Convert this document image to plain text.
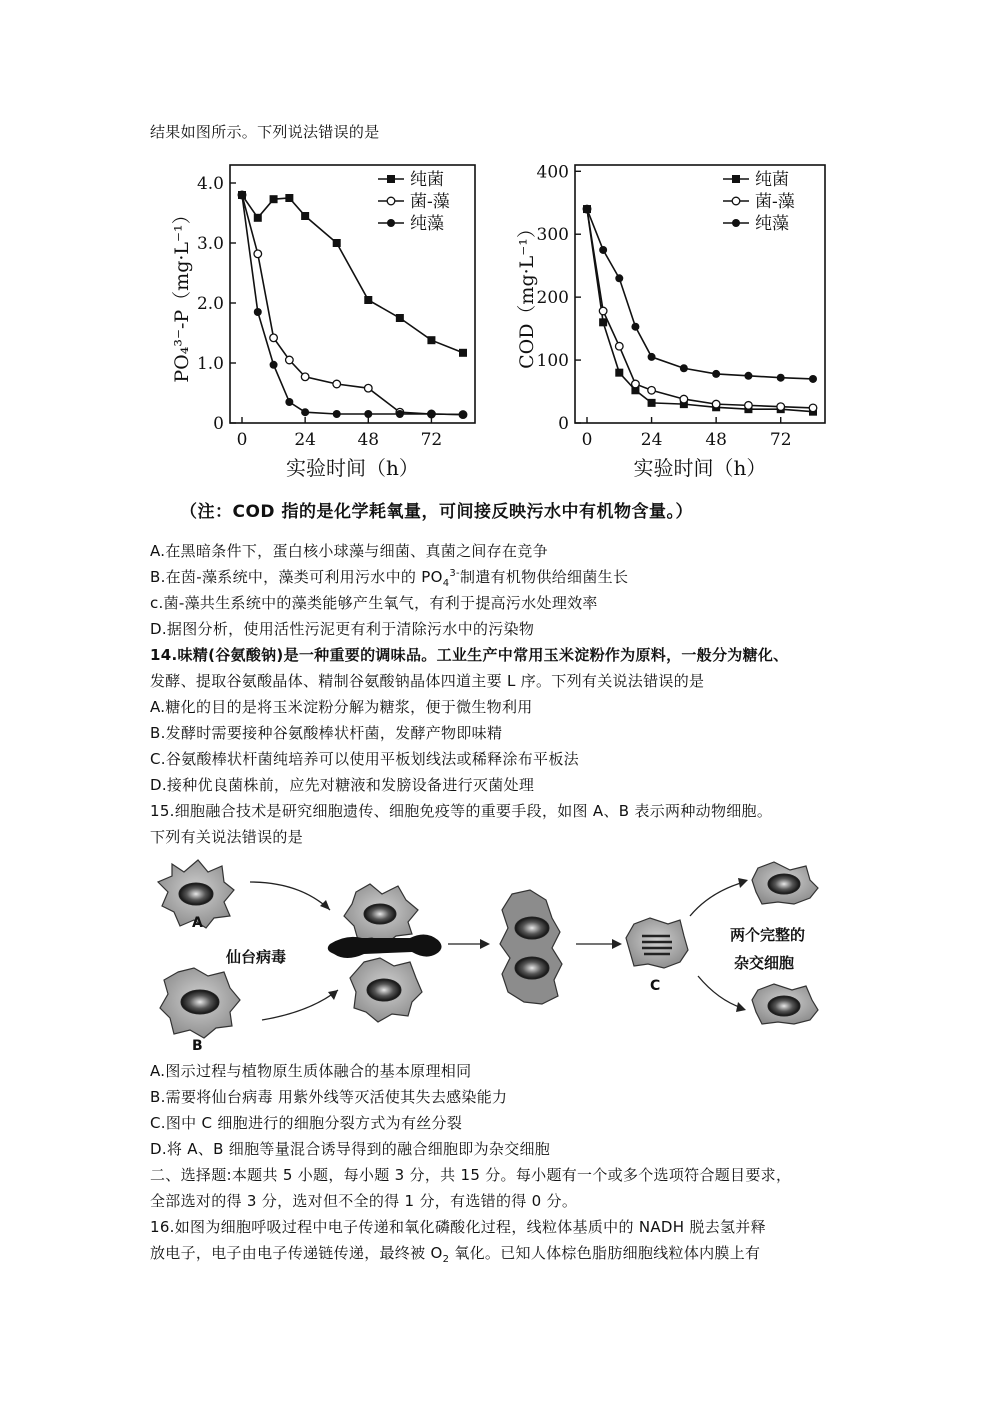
结果如图所示。下列说法错误的是
0
1.0
2.0
3.0
4.0
0	24 48 72
实验时间（h）
PO₄³⁻-P（mg·L⁻¹）
纯菌
菌-藻
纯藻
0
100
200
300
400
0	24	48	72
实验时间（h）
COD（mg·L⁻¹）
纯菌
菌-藻
纯藻
（注：COD 指的是化学耗氧量，可间接反映污水中有机物含量。）
A.在黑暗条件下，蛋白核小球藻与细菌、真菌之间存在竞争
B.在茵-藻系统中，藻类可利用污水中的 $PO_4^{3-}$制遣有机物供给细菌生长
c.菌-藻共生系统中的藻类能够产生氧气，有利于提高污水处理效率
D.据图分析，使用活性污泥更有利于清除污水中的污染物
14.味精(谷氨酸钠)是一种重要的调味品。工业生产中常用玉米淀粉作为原料，一般分为糖化、
发酵、提取谷氨酸晶体、精制谷氨酸钠晶体四道主要 L 序。下列有关说法错误的是
A.糖化的目的是将玉米淀粉分解为糖浆，便于微生物利用
B.发酵时需要接种谷氨酸棒状杆菌，发酵产物即味精
C.谷氨酸棒状杆菌纯培养可以使用平板划线法或稀释涂布平板法
D.接种优良菌株前，应先对糖液和发膀设备进行灭菌处理
15.细胞融合技术是研究细胞遗传、细胞免疫等的重要手段，如图 A、B 表示两种动物细胞。
下列有关说法错误的是
A
B
仙台病毒
C
两个完整的
杂交细胞
A.图示过程与植物原生质体融合的基本原理相同
B.需要将仙台病毒 用紫外线等灭活使其失去感染能力
C.图中 C 细胞进行的细胞分裂方式为有丝分裂
D.将 A、B 细胞等量混合诱导得到的融合细胞即为杂交细胞
二、选择题:本题共 5 小题，每小题 3 分，共 15 分。每小题有一个或多个选项符合题目要求，
全部选对的得 3 分，选对但不全的得 1 分，有选错的得 0 分。
16.如图为细胞呼吸过程中电子传递和氧化磷酸化过程，线粒体基质中的 NADH 脱去氢并释
放电子，电子由电子传递链传递，最终被 $O_2$ 氧化。已知人体棕色脂肪细胞线粒体内膜上有
